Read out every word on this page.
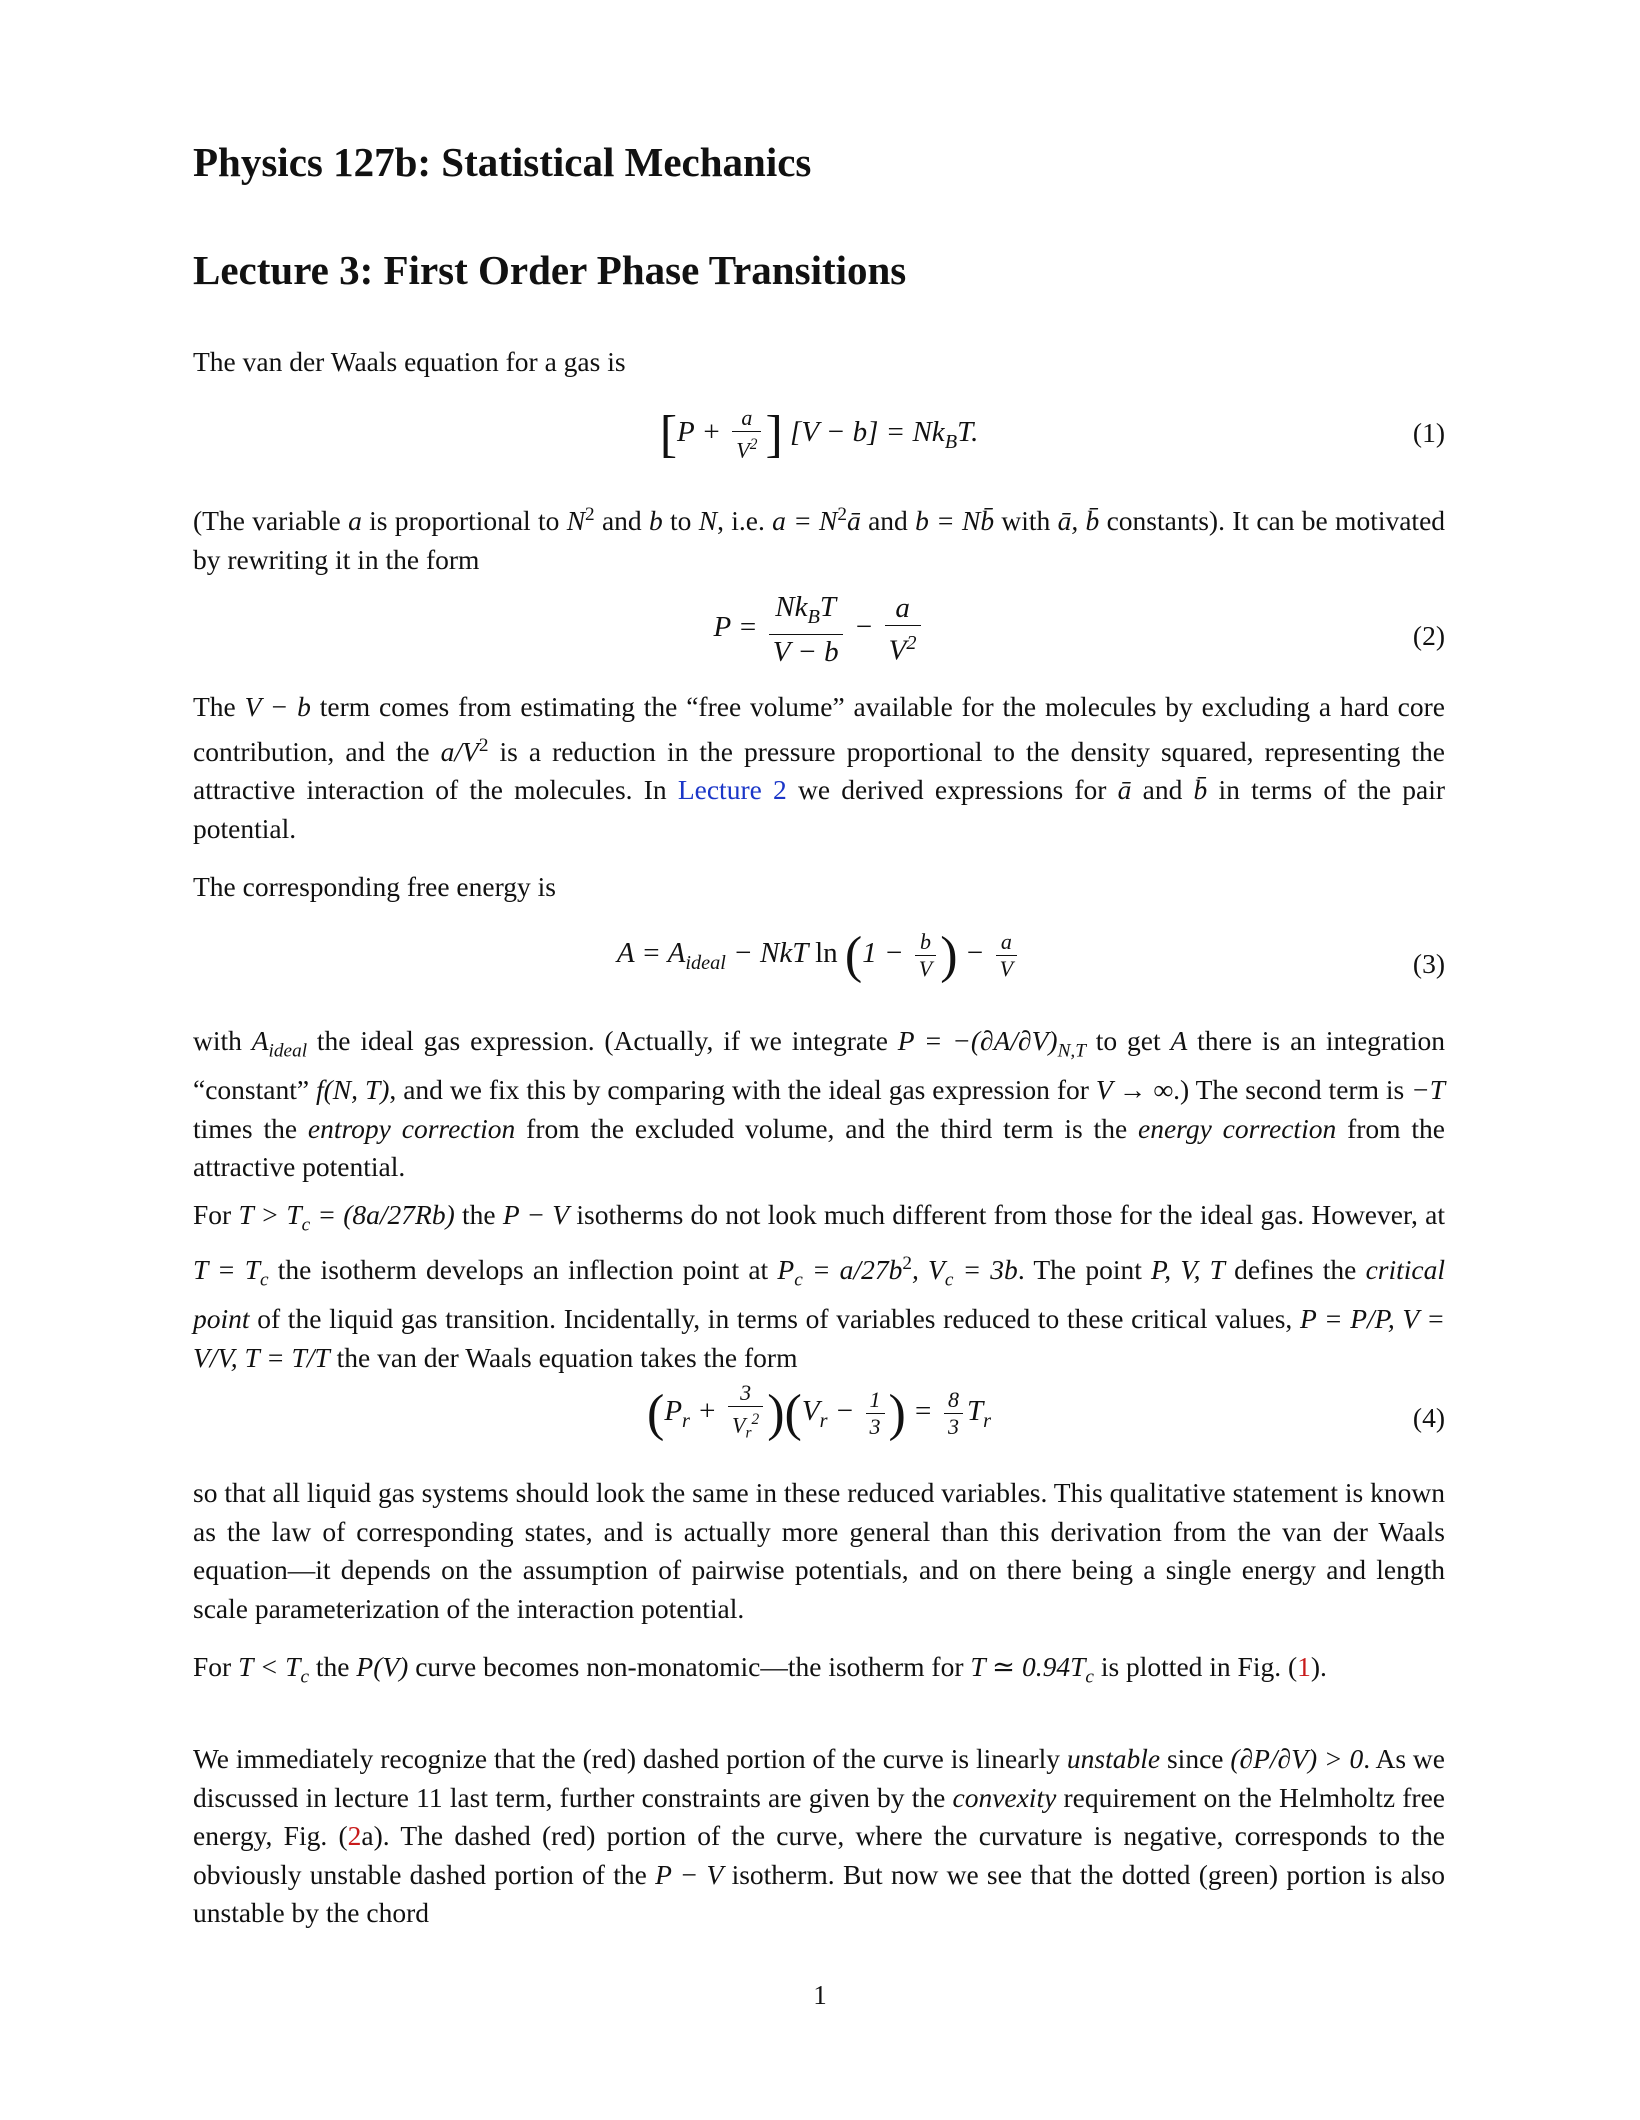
Physics 127b: Statistical Mechanics
Lecture 3: First Order Phase Transitions
The van der Waals equation for a gas is
[$P + \frac{a}{V^2}$ ] $[V - b] = Nk_BT$.	(1)
(The variable a is proportional to $N^2$ and b to N, i.e. $a = N^2ā$ and b = Nb̄ with ā, b̄ constants). It can be motivated by rewriting it in the form
$P = \frac{Nk_BT}{V - b} - \frac{a}{V^2}$	(2)
The V − b term comes from estimating the “free volume” available for the molecules by excluding a hard core contribution, and the $a/V^2$ is a reduction in the pressure proportional to the density squared, representing the attractive interaction of the molecules. In Lecture 2 we derived expressions for ā and b̄ in terms of the pair potential.
The corresponding free energy is
$A = A_{ideal}$ − NkT $\ln (1 - \frac{b}{V}$ ) − $\frac{a}{V}$	(3)
with $A_{ideal}$ the ideal gas expression. (Actually, if we integrate $P = -(\partial A/\partial V)_{N,T}$ to get A there is an integration “constant” f(N, T), and we fix this by comparing with the ideal gas expression for V → ∞.) The second term is −T times the entropy correction from the excluded volume, and the third term is the energy correction from the attractive potential.
For $T > T_c = (8a/27Rb)$ the P − V isotherms do not look much different from those for the ideal gas. However, at $T = T_c$ the isotherm develops an inflection point at $P_c = a/27b^2$, $V_c = 3b$. The point P, V, T defines the critical point of the liquid gas transition. Incidentally, in terms of variables reduced to these critical values, P = P/P, V = V/V, T = T/T the van der Waals equation takes the form
$(P_r + \frac{3}{V_r^2} )(V_r - \frac{1}{3}$ ) = $\frac{8}{3} T_r$	(4)
so that all liquid gas systems should look the same in these reduced variables. This qualitative statement is known as the law of corresponding states, and is actually more general than this derivation from the van der Waals equation—it depends on the assumption of pairwise potentials, and on there being a single energy and length scale parameterization of the interaction potential.
For $T < T_c$ the P(V) curve becomes non-monatomic—the isotherm for T ≃ $0.94T_c$ is plotted in Fig. (1).
We immediately recognize that the (red) dashed portion of the curve is linearly unstable since (∂P/∂V) > 0. As we discussed in lecture 11 last term, further constraints are given by the convexity requirement on the Helmholtz free energy, Fig. (2a). The dashed (red) portion of the curve, where the curvature is negative, corresponds to the obviously unstable dashed portion of the P − V isotherm. But now we see that the dotted (green) portion is also unstable by the chord
1
